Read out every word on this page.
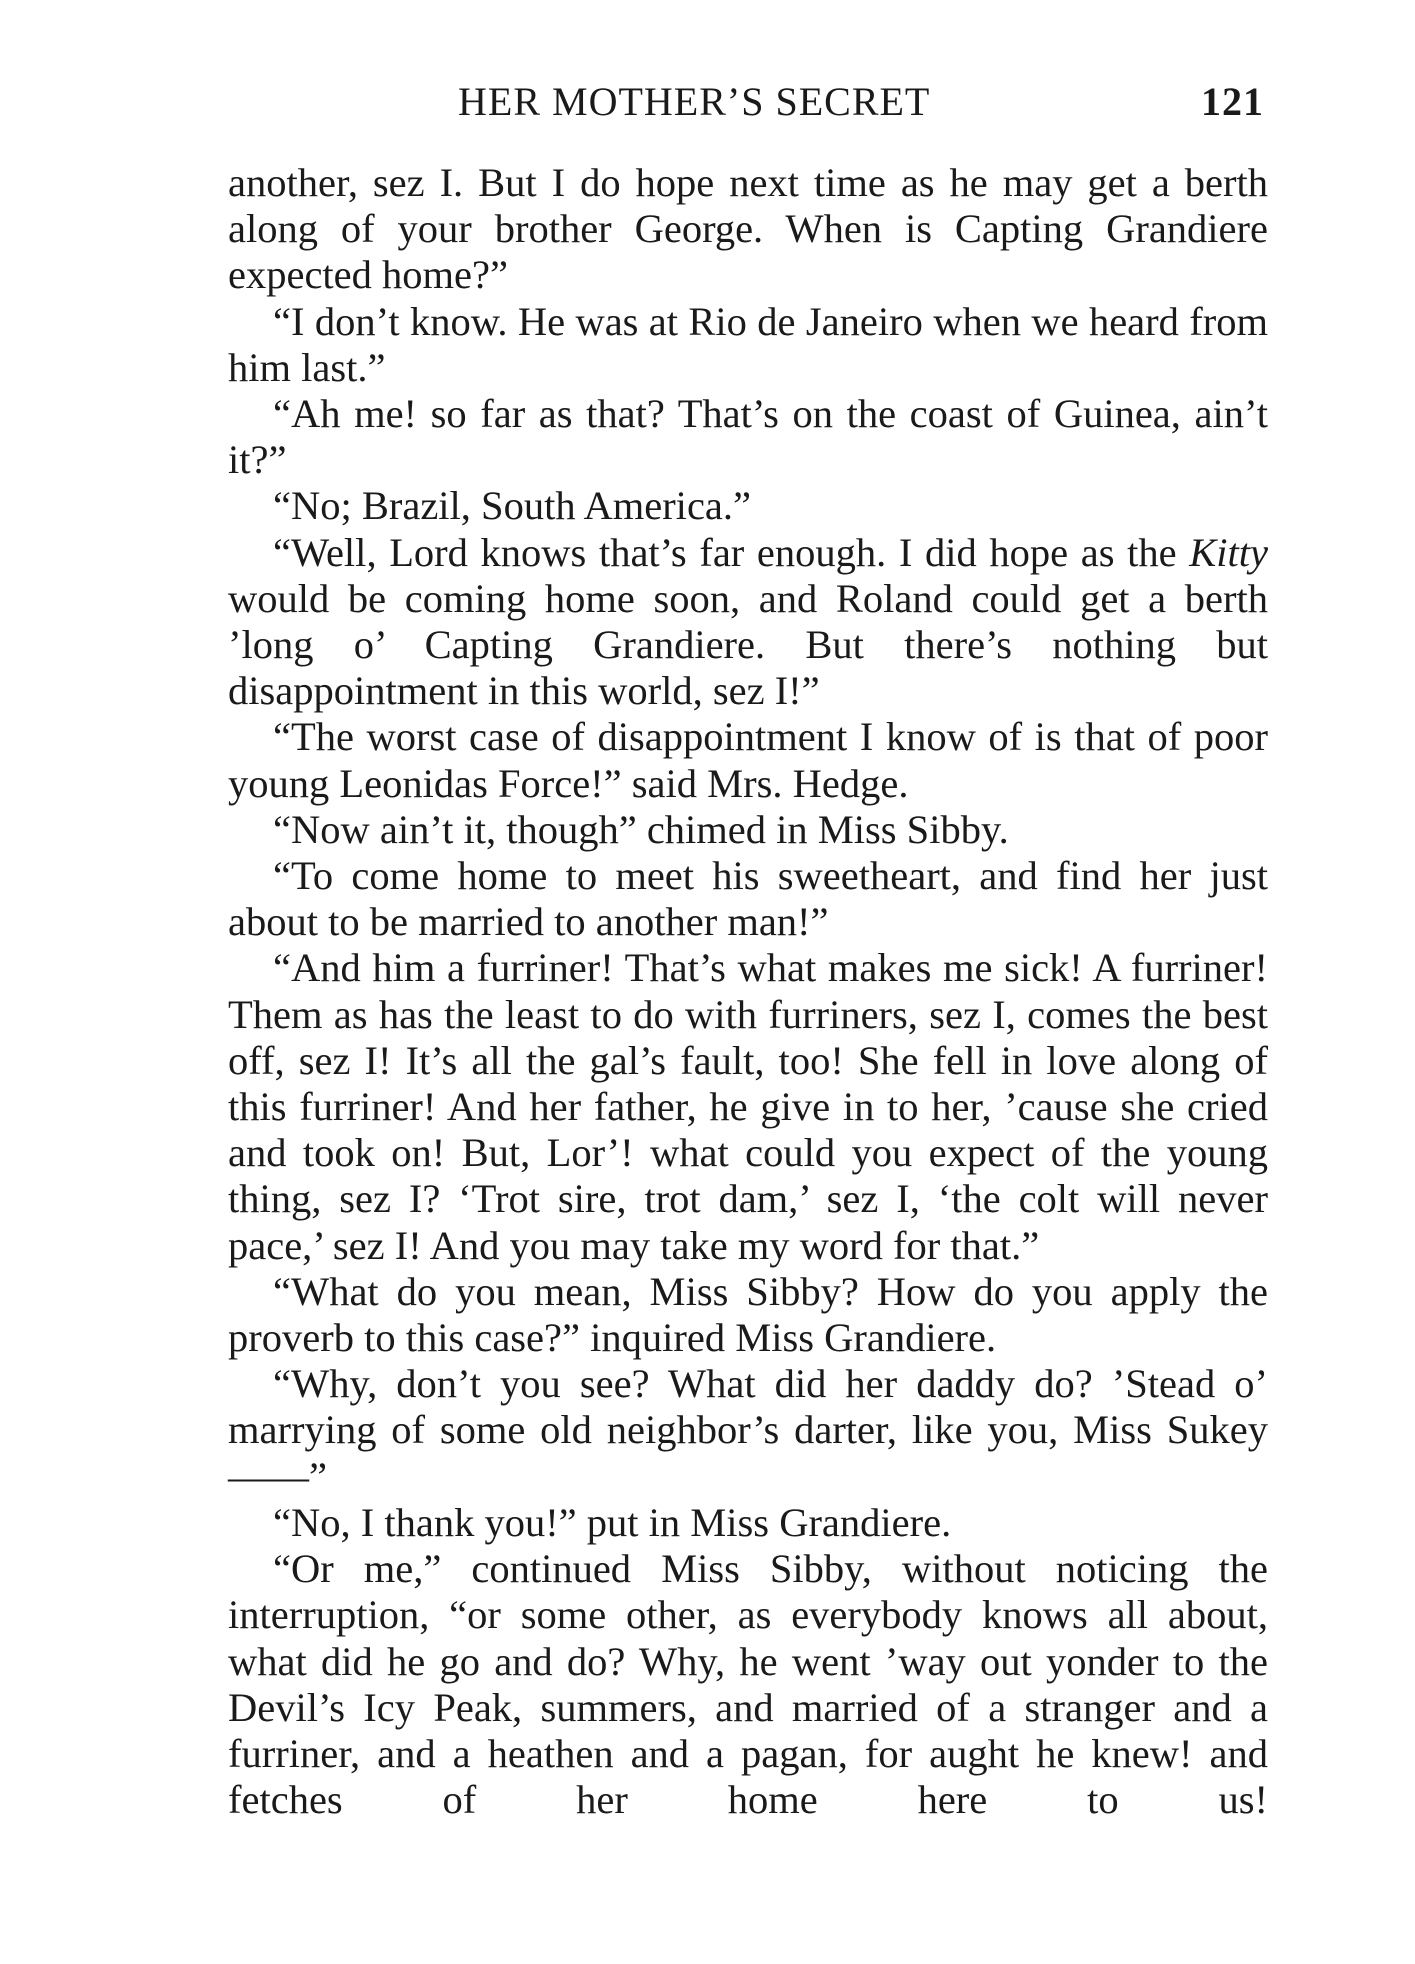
HER MOTHER’S SECRET	121

another, sez I. But I do hope next time as he may get a berth along of your brother George. When is Capting Grandiere expected home?”

“I don’t know. He was at Rio de Janeiro when we heard from him last.”

“Ah me! so far as that? That’s on the coast of Guinea, ain’t it?”

“No; Brazil, South America.”

“Well, Lord knows that’s far enough. I did hope as the Kitty would be coming home soon, and Roland could get a berth ’long o’ Capting Grandiere. But there’s nothing but disappointment in this world, sez I!”

“The worst case of disappointment I know of is that of poor young Leonidas Force!” said Mrs. Hedge.

“Now ain’t it, though” chimed in Miss Sibby.

“To come home to meet his sweetheart, and find her just about to be married to another man!”

“And him a furriner! That’s what makes me sick! A furriner! Them as has the least to do with furriners, sez I, comes the best off, sez I! It’s all the gal’s fault, too! She fell in love along of this furriner! And her father, he give in to her, ’cause she cried and took on! But, Lor’! what could you expect of the young thing, sez I? ‘Trot sire, trot dam,’ sez I, ‘the colt will never pace,’ sez I! And you may take my word for that.”

“What do you mean, Miss Sibby? How do you apply the proverb to this case?” inquired Miss Grandiere.

“Why, don’t you see? What did her daddy do? ’Stead o’ marrying of some old neighbor’s darter, like you, Miss Sukey——”

“No, I thank you!” put in Miss Grandiere.

“Or me,” continued Miss Sibby, without noticing the interruption, “or some other, as everybody knows all about, what did he go and do? Why, he went ’way out yonder to the Devil’s Icy Peak, summers, and married of a stranger and a furriner, and a heathen and a pagan, for aught he knew! and fetches of her home here to us!
